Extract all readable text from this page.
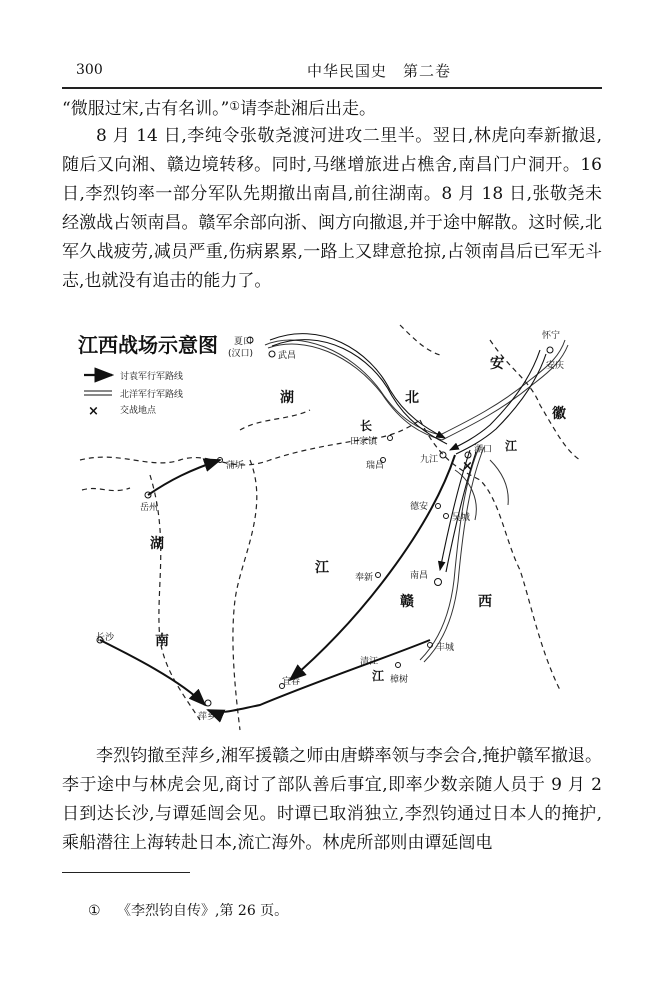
300	中华民国史　第二卷

“微服过宋,古有名训。”①请李赴湘后出走。

8 月 14 日,李纯令张敬尧渡河进攻二里半。翌日,林虎向奉新撤退,随后又向湘、赣边境转移。同时,马继增旅进占樵舍,南昌门户洞开。16 日,李烈钧率一部分军队先期撤出南昌,前往湖南。8 月 18 日,张敬尧未经激战占领南昌。赣军余部向浙、闽方向撤退,并于途中解散。这时候,北军久战疲劳,减员严重,伤病累累,一路上又肆意抢掠,占领南昌后已军无斗志,也就没有追击的能力了。

江西战场示意图
讨袁军行军路线
北洋军行军路线
× 交战地点
湖	北
安
徽
长
江
湖
南
江
赣	西
江
夏口
(汉口)	武昌
怀宁
安庆
田家镇
瑞昌
九江
湖口
×
蒲圻
岳州	德安
吴城
奉新	南昌
长沙
丰城
清江
樟树
宜春
萍乡

李烈钧撤至萍乡,湘军援赣之师由唐蟒率领与李会合,掩护赣军撤退。李于途中与林虎会见,商讨了部队善后事宜,即率少数亲随人员于 9 月 2 日到达长沙,与谭延闿会见。时谭已取消独立,李烈钧通过日本人的掩护,乘船潜往上海转赴日本,流亡海外。林虎所部则由谭延闿电

① 《李烈钧自传》,第 26 页。
